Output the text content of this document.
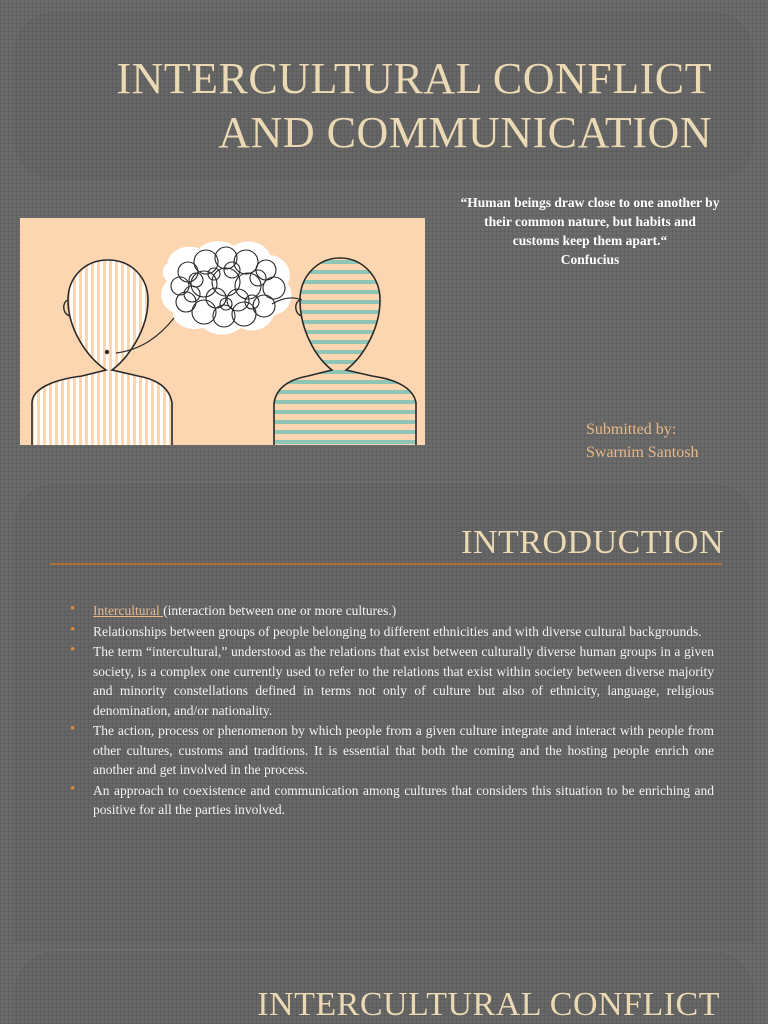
INTERCULTURAL CONFLICT
AND COMMUNICATION
“Human beings draw close to one another by
their common nature, but habits and
customs keep them apart.“
Confucius
Submitted by:
Swarnim Santosh
INTRODUCTION
• Intercultural (interaction between one or more cultures.)
• Relationships between groups of people belonging to different ethnicities and with diverse cultural backgrounds.
• The term “intercultural,” understood as the relations that exist between culturally diverse human groups in a given society, is a complex one currently used to refer to the relations that exist within society between diverse majority and minority constellations defined in terms not only of culture but also of ethnicity, language, religious denomination, and/or nationality.
• The action, process or phenomenon by which people from a given culture integrate and interact with people from other cultures, customs and traditions. It is essential that both the coming and the hosting people enrich one another and get involved in the process.
• An approach to coexistence and communication among cultures that considers this situation to be enriching and positive for all the parties involved.
INTERCULTURAL CONFLICT
